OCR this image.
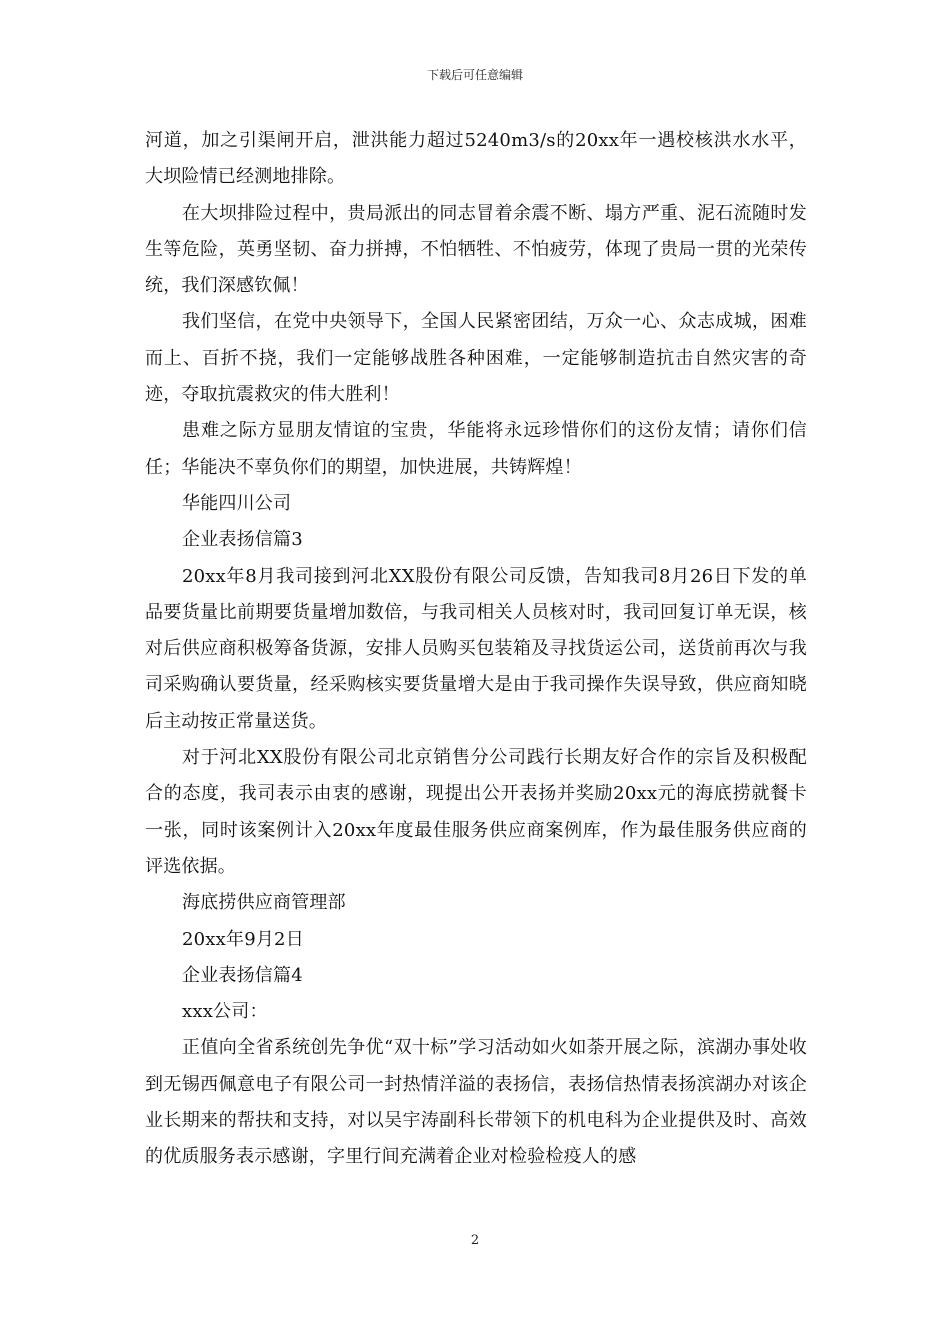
下载后可任意编辑

河道，加之引渠闸开启，泄洪能力超过5240m3/s的20xx年一遇校核洪水水平，大坝险情已经测地排除。

在大坝排险过程中，贵局派出的同志冒着余震不断、塌方严重、泥石流随时发生等危险，英勇坚韧、奋力拼搏，不怕牺牲、不怕疲劳，体现了贵局一贯的光荣传统，我们深感钦佩！

我们坚信，在党中央领导下，全国人民紧密团结，万众一心、众志成城，困难而上、百折不挠，我们一定能够战胜各种困难，一定能够制造抗击自然灾害的奇迹，夺取抗震救灾的伟大胜利！

患难之际方显朋友情谊的宝贵，华能将永远珍惜你们的这份友情；请你们信任；华能决不辜负你们的期望，加快进展，共铸辉煌！

华能四川公司

企业表扬信篇3

20xx年8月我司接到河北XX股份有限公司反馈，告知我司8月26日下发的单品要货量比前期要货量增加数倍，与我司相关人员核对时，我司回复订单无误，核对后供应商积极筹备货源，安排人员购买包装箱及寻找货运公司，送货前再次与我司采购确认要货量，经采购核实要货量增大是由于我司操作失误导致，供应商知晓后主动按正常量送货。

对于河北XX股份有限公司北京销售分公司践行长期友好合作的宗旨及积极配合的态度，我司表示由衷的感谢，现提出公开表扬并奖励20xx元的海底捞就餐卡一张，同时该案例计入20xx年度最佳服务供应商案例库，作为最佳服务供应商的评选依据。

海底捞供应商管理部

20xx年9月2日

企业表扬信篇4

xxx公司：

正值向全省系统创先争优“双十标”学习活动如火如荼开展之际，滨湖办事处收到无锡西佩意电子有限公司一封热情洋溢的表扬信，表扬信热情表扬滨湖办对该企业长期来的帮扶和支持，对以吴宇涛副科长带领下的机电科为企业提供及时、高效的优质服务表示感谢，字里行间充满着企业对检验检疫人的感

2
